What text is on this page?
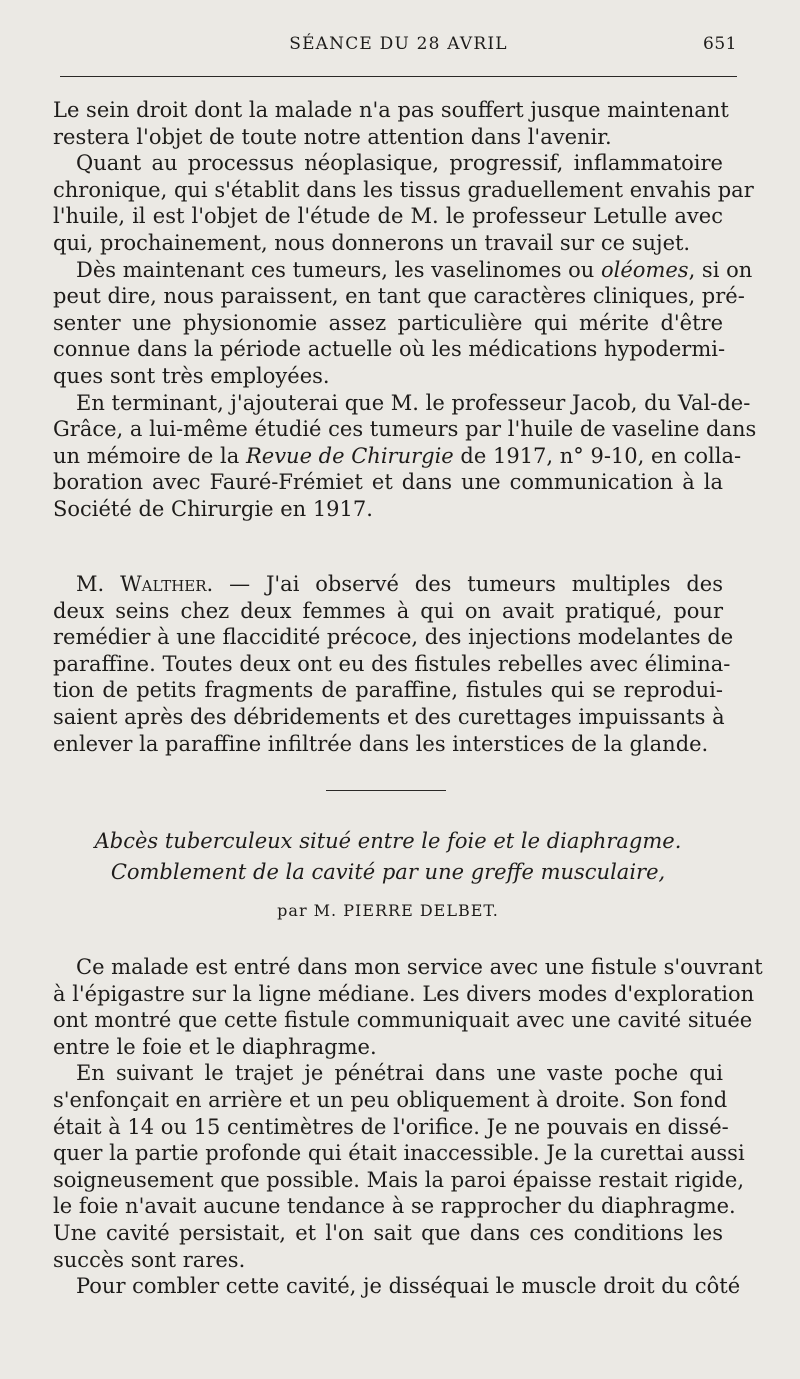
SÉANCE DU 28 AVRIL	651
Le sein droit dont la malade n'a pas souffert jusque maintenant
restera l'objet de toute notre attention dans l'avenir.
Quant au processus néoplasique, progressif, inflammatoire
chronique, qui s'établit dans les tissus graduellement envahis par
l'huile, il est l'objet de l'étude de M. le professeur Letulle avec
qui, prochainement, nous donnerons un travail sur ce sujet.
Dès maintenant ces tumeurs, les vaselinomes ou oléomes, si on
peut dire, nous paraissent, en tant que caractères cliniques, pré-
senter une physionomie assez particulière qui mérite d'être
connue dans la période actuelle où les médications hypodermi-
ques sont très employées.
En terminant, j'ajouterai que M. le professeur Jacob, du Val-de-
Grâce, a lui-même étudié ces tumeurs par l'huile de vaseline dans
un mémoire de la Revue de Chirurgie de 1917, n° 9-10, en colla-
boration avec Fauré-Frémiet et dans une communication à la
Société de Chirurgie en 1917.
M. Walther. — J'ai observé des tumeurs multiples des
deux seins chez deux femmes à qui on avait pratiqué, pour
remédier à une flaccidité précoce, des injections modelantes de
paraffine. Toutes deux ont eu des fistules rebelles avec élimina-
tion de petits fragments de paraffine, fistules qui se reprodui-
saient après des débridements et des curettages impuissants à
enlever la paraffine infiltrée dans les interstices de la glande.
Abcès tuberculeux situé entre le foie et le diaphragme.
Comblement de la cavité par une greffe musculaire,
par M. PIERRE DELBET.
Ce malade est entré dans mon service avec une fistule s'ouvrant
à l'épigastre sur la ligne médiane. Les divers modes d'exploration
ont montré que cette fistule communiquait avec une cavité située
entre le foie et le diaphragme.
En suivant le trajet je pénétrai dans une vaste poche qui
s'enfonçait en arrière et un peu obliquement à droite. Son fond
était à 14 ou 15 centimètres de l'orifice. Je ne pouvais en dissé-
quer la partie profonde qui était inaccessible. Je la curettai aussi
soigneusement que possible. Mais la paroi épaisse restait rigide,
le foie n'avait aucune tendance à se rapprocher du diaphragme.
Une cavité persistait, et l'on sait que dans ces conditions les
succès sont rares.
Pour combler cette cavité, je disséquai le muscle droit du côté
